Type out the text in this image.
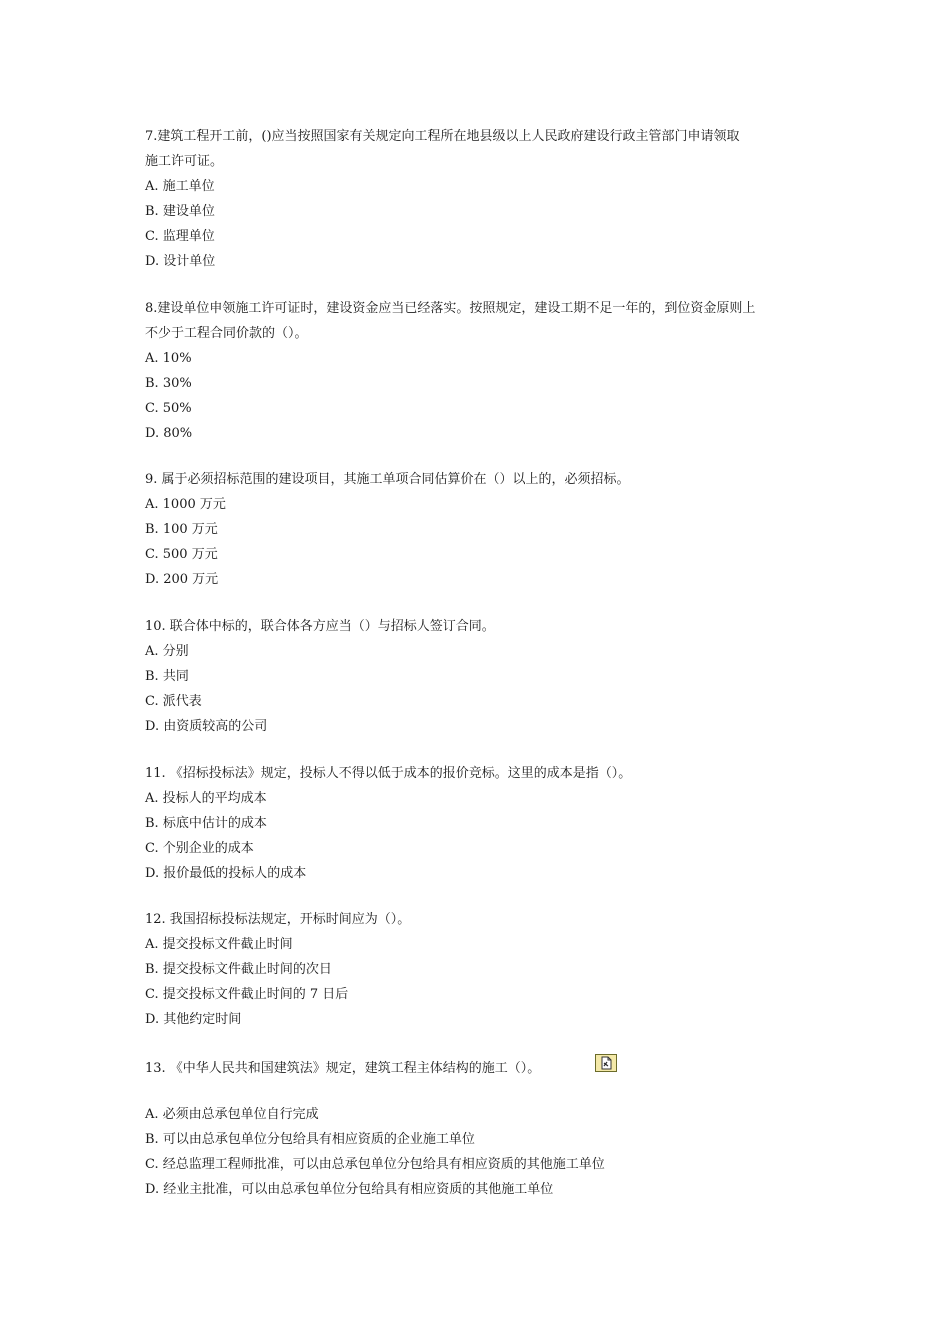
7.建筑工程开工前，()应当按照国家有关规定向工程所在地县级以上人民政府建设行政主管部门申请领取
施工许可证。
A. 施工单位
B. 建设单位
C. 监理单位
D. 设计单位
8.建设单位申领施工许可证时，建设资金应当已经落实。按照规定，建设工期不足一年的，到位资金原则上
不少于工程合同价款的（）。
A. 10%
B. 30%
C. 50%
D. 80%
9. 属于必须招标范围的建设项目，其施工单项合同估算价在（）以上的，必须招标。
A. 1000 万元
B. 100 万元
C. 500 万元
D. 200 万元
10. 联合体中标的，联合体各方应当（）与招标人签订合同。
A. 分别
B. 共同
C. 派代表
D. 由资质较高的公司
11. 《招标投标法》规定，投标人不得以低于成本的报价竞标。这里的成本是指（）。
A. 投标人的平均成本
B. 标底中估计的成本
C. 个别企业的成本
D. 报价最低的投标人的成本
12. 我国招标投标法规定，开标时间应为（）。
A. 提交投标文件截止时间
B. 提交投标文件截止时间的次日
C. 提交投标文件截止时间的 7 日后
D. 其他约定时间
13. 《中华人民共和国建筑法》规定，建筑工程主体结构的施工（）。
A. 必须由总承包单位自行完成
B. 可以由总承包单位分包给具有相应资质的企业施工单位
C. 经总监理工程师批准，可以由总承包单位分包给具有相应资质的其他施工单位
D. 经业主批准，可以由总承包单位分包给具有相应资质的其他施工单位
